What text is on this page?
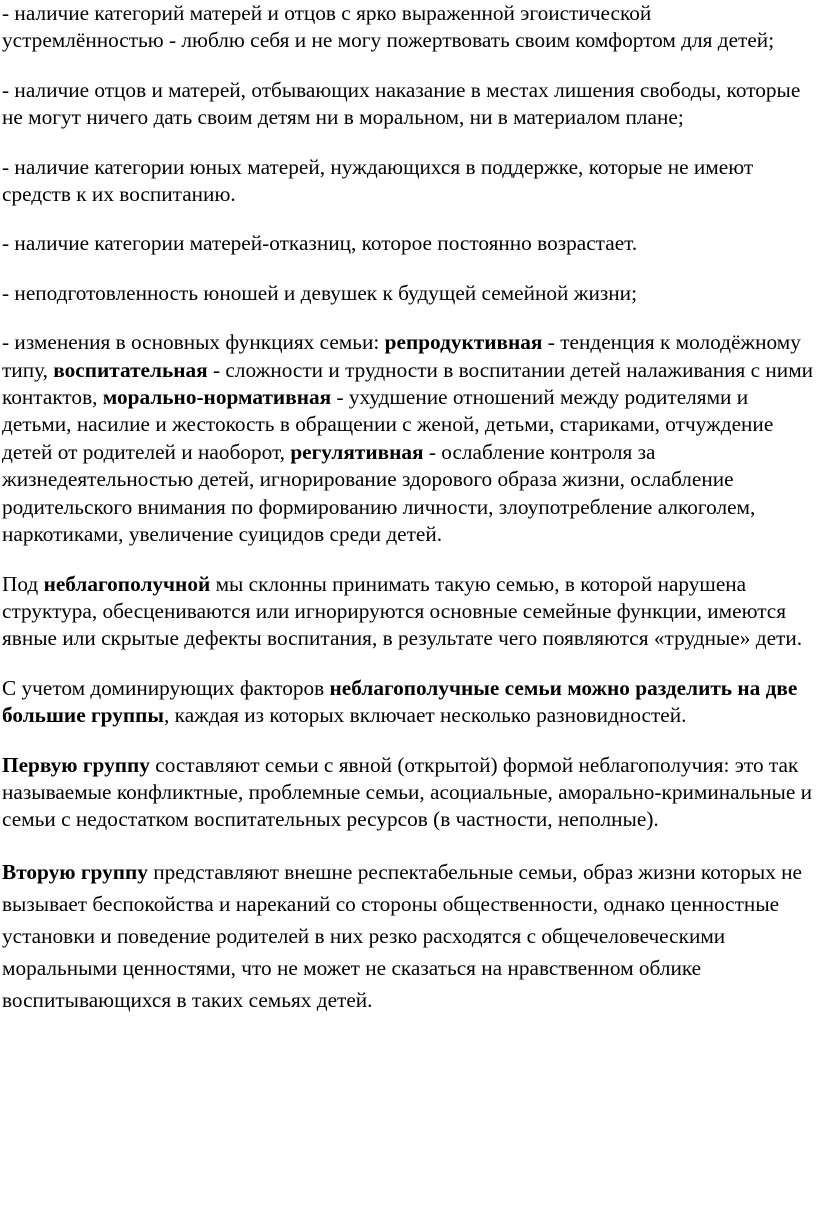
- наличие категорий матерей и отцов с ярко выраженной эгоистической устремлённостью - люблю себя и не могу пожертвовать своим комфортом для детей;

- наличие отцов и матерей, отбывающих наказание в местах лишения свободы, которые не могут ничего дать своим детям ни в моральном, ни в материалом плане;

- наличие категории юных матерей, нуждающихся в поддержке, которые не имеют средств к их воспитанию.

- наличие категории матерей-отказниц, которое постоянно возрастает.

- неподготовленность юношей и девушек к будущей семейной жизни;

- изменения в основных функциях семьи: репродуктивная - тенденция к молодёжному типу, воспитательная - сложности и трудности в воспитании детей налаживания с ними контактов, морально-нормативная - ухудшение отношений между родителями и детьми, насилие и жестокость в обращении с женой, детьми, стариками, отчуждение детей от родителей и наоборот, регулятивная - ослабление контроля за жизнедеятельностью детей, игнорирование здорового образа жизни, ослабление родительского внимания по формированию личности, злоупотребление алкоголем, наркотиками, увеличение суицидов среди детей.

Под неблагополучной мы склонны принимать такую семью, в которой нарушена структура, обесцениваются или игнорируются основные семейные функции, имеются явные или скрытые дефекты воспитания, в результате чего появляются «трудные» дети.

С учетом доминирующих факторов неблагополучные семьи можно разделить на две большие группы, каждая из которых включает несколько разновидностей.

Первую группу составляют семьи с явной (открытой) формой неблагополучия: это так называемые конфликтные, проблемные семьи, асоциальные, аморально-криминальные и семьи с недостатком воспитательных ресурсов (в частности, неполные).

Вторую группу представляют внешне респектабельные семьи, образ жизни которых не вызывает беспокойства и нареканий со стороны общественности, однако ценностные установки и поведение родителей в них резко расходятся с общечеловеческими моральными ценностями, что не может не сказаться на нравственном облике воспитывающихся в таких семьях детей.
